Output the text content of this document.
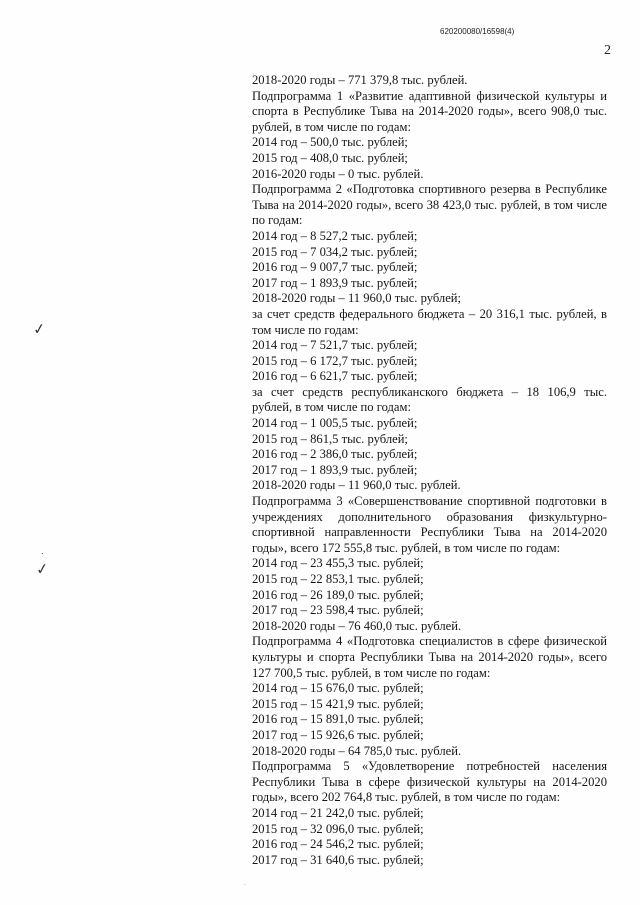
620200080/16598(4)
2
✓
.
✓
.

2018-2020 годы – 771 379,8 тыс. рублей.

Подпрограмма 1 «Развитие адаптивной физической культуры и спорта в Республике Тыва на 2014-2020 годы», всего 908,0 тыс. рублей, в том числе по годам:

2014 год – 500,0 тыс. рублей;

2015 год – 408,0 тыс. рублей;

2016-2020 годы – 0 тыс. рублей.

Подпрограмма 2 «Подготовка спортивного резерва в Республике Тыва на 2014-2020 годы», всего 38 423,0 тыс. рублей, в том числе по годам:

2014 год – 8 527,2 тыс. рублей;

2015 год – 7 034,2 тыс. рублей;

2016 год – 9 007,7 тыс. рублей;

2017 год – 1 893,9 тыс. рублей;

2018-2020 годы – 11 960,0 тыс. рублей;

за счет средств федерального бюджета – 20 316,1 тыс. рублей, в том числе по годам:

2014 год – 7 521,7 тыс. рублей;

2015 год – 6 172,7 тыс. рублей;

2016 год – 6 621,7 тыс. рублей;

за счет средств республиканского бюджета – 18 106,9 тыс. рублей, в том числе по годам:

2014 год – 1 005,5 тыс. рублей;

2015 год – 861,5 тыс. рублей;

2016 год – 2 386,0 тыс. рублей;

2017 год – 1 893,9 тыс. рублей;

2018-2020 годы – 11 960,0 тыс. рублей.

Подпрограмма 3 «Совершенствование спортивной подготовки в учреждениях дополнительного образования физкультурно-спортивной направленности Республики Тыва на 2014-2020 годы», всего 172 555,8 тыс. рублей, в том числе по годам:

2014 год – 23 455,3 тыс. рублей;

2015 год – 22 853,1 тыс. рублей;

2016 год – 26 189,0 тыс. рублей;

2017 год – 23 598,4 тыс. рублей;

2018-2020 годы – 76 460,0 тыс. рублей.

Подпрограмма 4 «Подготовка специалистов в сфере физической культуры и спорта Республики Тыва на 2014-2020 годы», всего 127 700,5 тыс. рублей, в том числе по годам:

2014 год – 15 676,0 тыс. рублей;

2015 год – 15 421,9 тыс. рублей;

2016 год – 15 891,0 тыс. рублей;

2017 год – 15 926,6 тыс. рублей;

2018-2020 годы – 64 785,0 тыс. рублей.

Подпрограмма 5 «Удовлетворение потребностей населения Республики Тыва в сфере физической культуры на 2014-2020 годы», всего 202 764,8 тыс. рублей, в том числе по годам:

2014 год – 21 242,0 тыс. рублей;

2015 год – 32 096,0 тыс. рублей;

2016 год – 24 546,2 тыс. рублей;

2017 год – 31 640,6 тыс. рублей;
